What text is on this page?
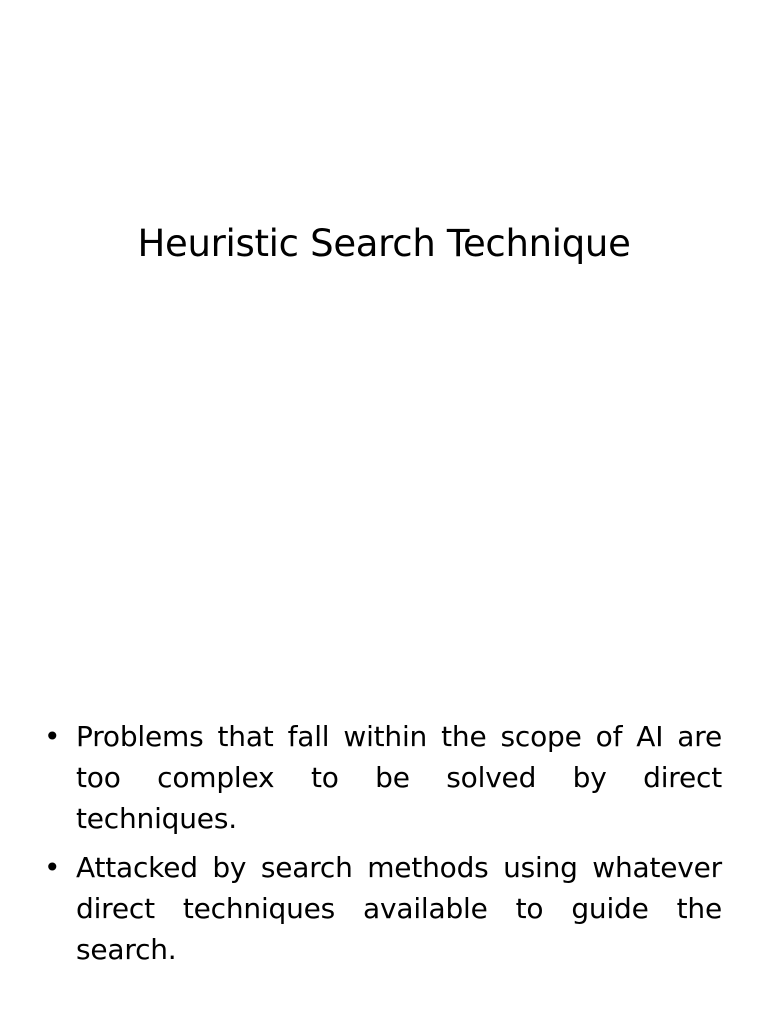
Heuristic Search Technique
• Problems that fall within the scope of AI are too complex to be solved by direct techniques.
• Attacked by search methods using whatever direct techniques available to guide the search.
